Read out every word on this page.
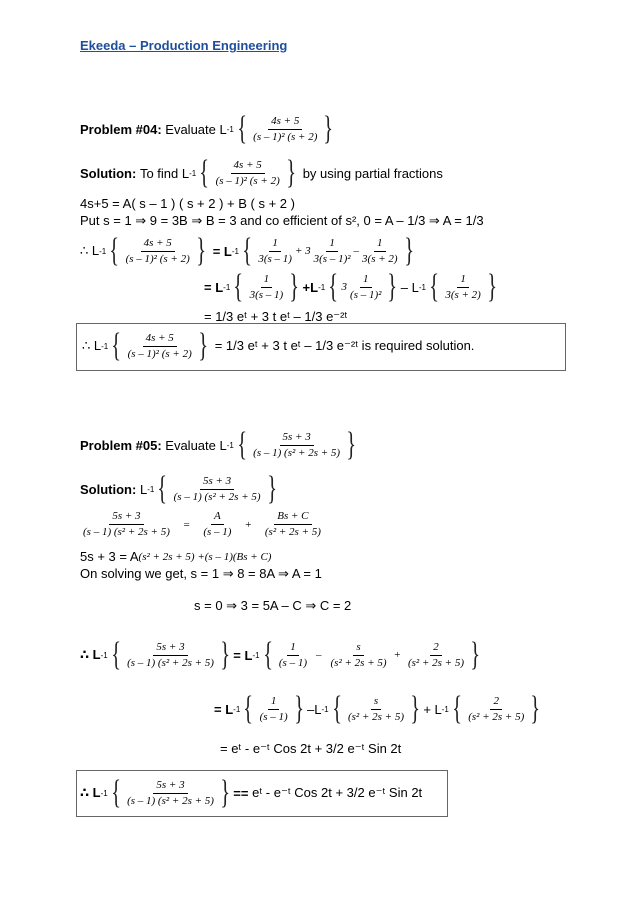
Ekeeda – Production Engineering
Problem #04:
Evaluate L -1 { $\frac{4s + 5}{\text{(s – 1)² (s + 2)}}$ }
Solution:
To find L -1 { $\frac{4s + 5}{\text{(s – 1)² (s + 2)}}$ }
by using partial fractions
4s+5 = A( s – 1 ) ( s + 2 ) + B ( s + 2 )
Put s = 1 ⇒ 9 = 3B ⇒ B = 3 and co efficient of s², 0 = A – 1/3 ⇒ A = 1/3
∴ L -1 { $\frac{4s + 5}{\text{(s – 1)² (s + 2)}}$ }
= L -1 { $\frac{1}{3(s - 1)} + 3 \frac{1}{\text{3(s – 1)²}} - \frac{1}{3(s + 2)}$ }
= L -1 { $\frac{1}{3(s - 1)}$ } +L -1 { $3 \frac{1}{\text{(s – 1)²}}$ } – L -1 { $\frac{1}{3(s + 2)}$ }
= 1/3 eᵗ + 3 t eᵗ – 1/3 e⁻²ᵗ
∴ L -1 { $\frac{4s + 5}{\text{(s – 1)² (s + 2)}}$ }
= 1/3 eᵗ + 3 t eᵗ – 1/3 e⁻²ᵗ is required solution.
Problem #05:
Evaluate L -1 { $\frac{5s + 3}{\text{(s – 1) (s² + 2s + 5)}}$ }
Solution:
L -1 { $\frac{5s + 3}{\text{(s – 1) (s² + 2s + 5)}}$ }
$\frac{5s + 3}{\text{(s – 1) (s² + 2s + 5)}} = \frac{A}{(s - 1)} + \frac{Bs + C}{\text{(s² + 2s + 5)}}$
5s + 3 = A (s² + 2s + 5) +(s – 1)(Bs + C)
On solving we get, s = 1 ⇒ 8 = 8A ⇒ A = 1
s = 0 ⇒ 3 = 5A – C ⇒ C = 2
∴ L -1 { $\frac{5s + 3}{\text{(s – 1) (s² + 2s + 5)}}$ } = L -1 { $\frac{1}{(s - 1)} - \frac{s}{\text{(s² + 2s + 5)}} + \frac{2}{\text{(s² + 2s + 5)}}$ }
= L -1 { $\frac{1}{(s - 1)}$ } –L -1 { $\frac{s}{\text{(s² + 2s + 5)}}$ } + L -1 { $\frac{2}{\text{(s² + 2s + 5)}}$ }
= eᵗ - e⁻ᵗ Cos 2t + 3/2 e⁻ᵗ Sin 2t
∴ L -1 { $\frac{5s + 3}{\text{(s – 1) (s² + 2s + 5)}}$ } ==
eᵗ - e⁻ᵗ Cos 2t + 3/2 e⁻ᵗ Sin 2t
